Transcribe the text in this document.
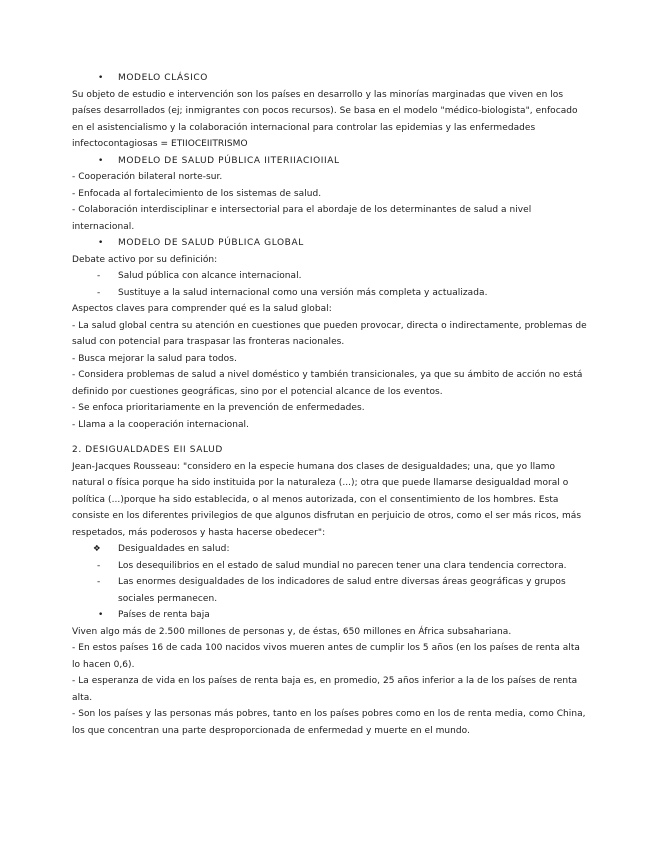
• MODELO CLÁSICO

Su objeto de estudio e intervención son los países en desarrollo y las minorías marginadas que viven en los países desarrollados (ej; inmigrantes con pocos recursos). Se basa en el modelo "médico-biologista", enfocado en el asistencialismo y la colaboración internacional para controlar las epidemias y las enfermedades infectocontagiosas = ETIIOCEIITRISMO

• MODELO DE SALUD PÚBLICA IITERIIACIOIIAL

- Cooperación bilateral norte-sur.

- Enfocada al fortalecimiento de los sistemas de salud.

- Colaboración interdisciplinar e intersectorial para el abordaje de los determinantes de salud a nivel internacional.

• MODELO DE SALUD PÚBLICA GLOBAL

Debate activo por su definición:

- Salud pública con alcance internacional.
- Sustituye a la salud internacional como una versión más completa y actualizada.

Aspectos claves para comprender qué es la salud global:

- La salud global centra su atención en cuestiones que pueden provocar, directa o indirectamente, problemas de salud con potencial para traspasar las fronteras nacionales.

- Busca mejorar la salud para todos.

- Considera problemas de salud a nivel doméstico y también transicionales, ya que su ámbito de acción no está definido por cuestiones geográficas, sino por el potencial alcance de los eventos.

- Se enfoca prioritariamente en la prevención de enfermedades.

- Llama a la cooperación internacional.

2. DESIGUALDADES EII SALUD

Jean-Jacques Rousseau: "considero en la especie humana dos clases de desigualdades; una, que yo llamo natural o física porque ha sido instituida por la naturaleza (...); otra que puede llamarse desigualdad moral o política (...)porque ha sido establecida, o al menos autorizada, con el consentimiento de los hombres. Esta consiste en los diferentes privilegios de que algunos disfrutan en perjuicio de otros, como el ser más ricos, más respetados, más poderosos y hasta hacerse obedecer":

❖ Desigualdades en salud:
- Los desequilibrios en el estado de salud mundial no parecen tener una clara tendencia correctora.
- Las enormes desigualdades de los indicadores de salud entre diversas áreas geográficas y grupos sociales permanecen.
• Países de renta baja

Viven algo más de 2.500 millones de personas y, de éstas, 650 millones en África subsahariana.

- En estos países 16 de cada 100 nacidos vivos mueren antes de cumplir los 5 años (en los países de renta alta lo hacen 0,6).

- La esperanza de vida en los países de renta baja es, en promedio, 25 años inferior a la de los países de renta alta.

- Son los países y las personas más pobres, tanto en los países pobres como en los de renta media, como China, los que concentran una parte desproporcionada de enfermedad y muerte en el mundo.
